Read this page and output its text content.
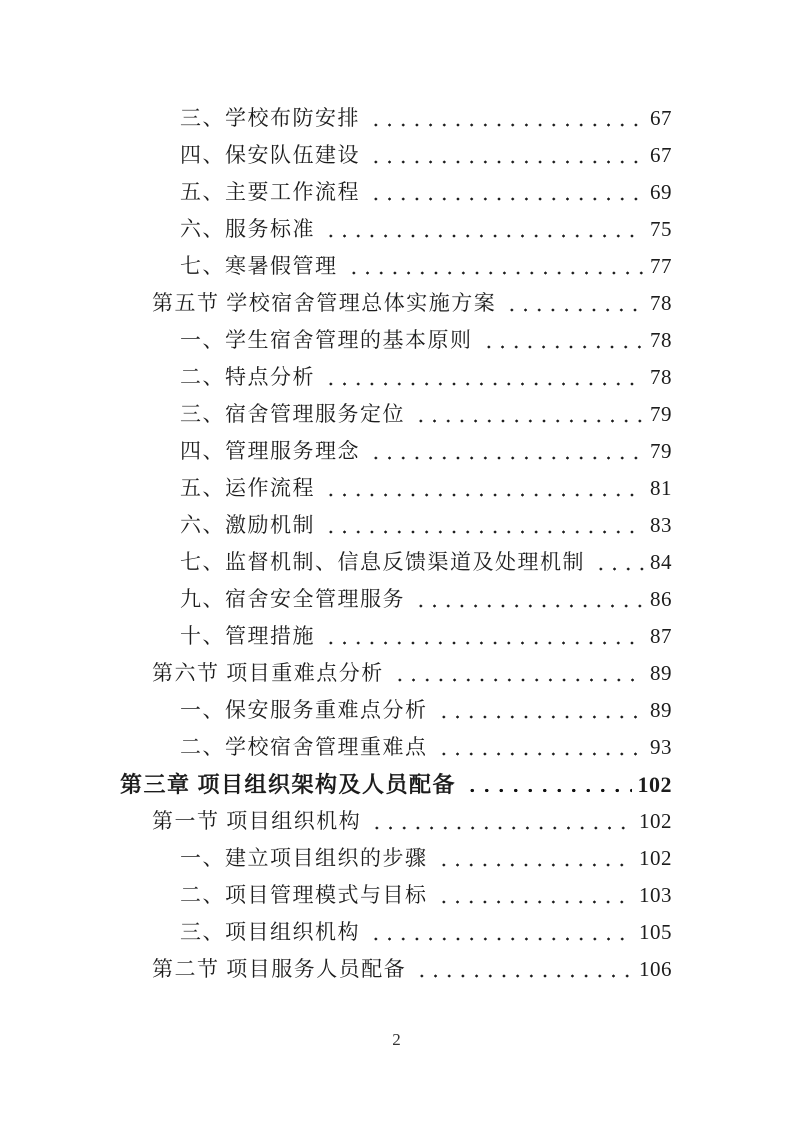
三、学校布防安排	67
四、保安队伍建设	67
五、主要工作流程	69
六、服务标准	75
七、寒暑假管理	77
第五节 学校宿舍管理总体实施方案	78
一、学生宿舍管理的基本原则	78
二、特点分析	78
三、宿舍管理服务定位	79
四、管理服务理念	79
五、运作流程	81
六、激励机制	83
七、监督机制、信息反馈渠道及处理机制	84
九、宿舍安全管理服务	86
十、管理措施	87
第六节 项目重难点分析	89
一、保安服务重难点分析	89
二、学校宿舍管理重难点	93
第三章 项目组织架构及人员配备	102
第一节 项目组织机构	102
一、建立项目组织的步骤	102
二、项目管理模式与目标	103
三、项目组织机构	105
第二节 项目服务人员配备	106
2
